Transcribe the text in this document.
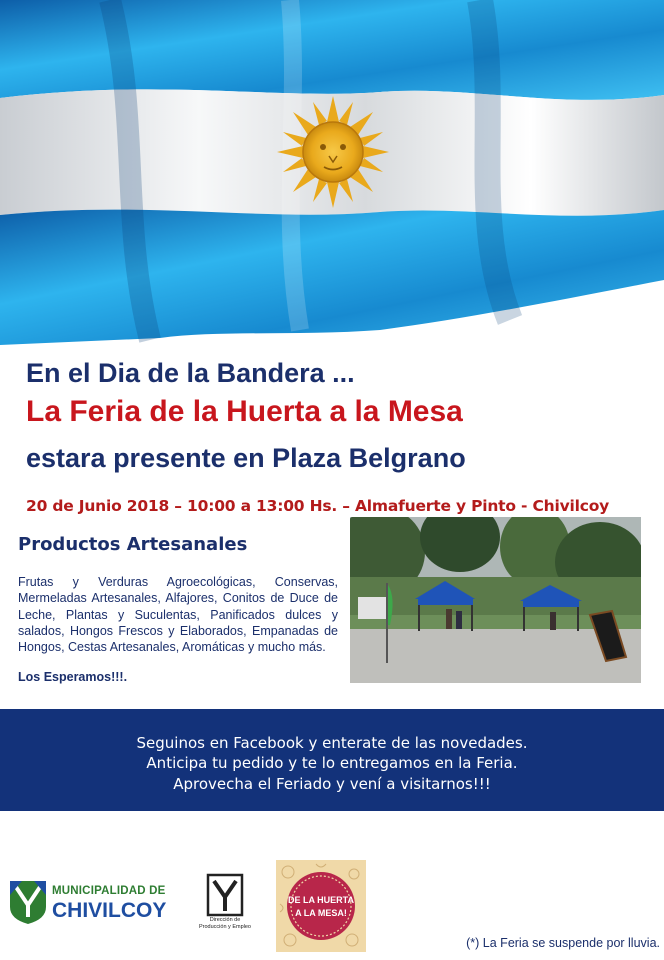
En el Dia de la Bandera ...
La Feria de la Huerta a la Mesa
estara presente en Plaza Belgrano
20 de Junio 2018 – 10:00 a 13:00 Hs. – Almafuerte y Pinto - Chivilcoy
Productos Artesanales
Frutas y Verduras Agroecológicas, Conservas, Mermeladas Artesanales, Alfajores, Conitos de Duce de Leche, Plantas y Suculentas, Panificados dulces y salados, Hongos Frescos y Elaborados, Empanadas de Hongos, Cestas Artesanales, Aromáticas y mucho más.
Los Esperamos!!!.
Seguinos en Facebook y enterate de las novedades.
Anticipa tu pedido y te lo entregamos en la Feria.
Aprovecha el Feriado y vení a visitarnos!!!
MUNICIPALIDAD DE
CHIVILCOY	Dirección de
Producción y Empleo
DE LA HUERTA
A LA MESA!
(*) La Feria se suspende por lluvia.
